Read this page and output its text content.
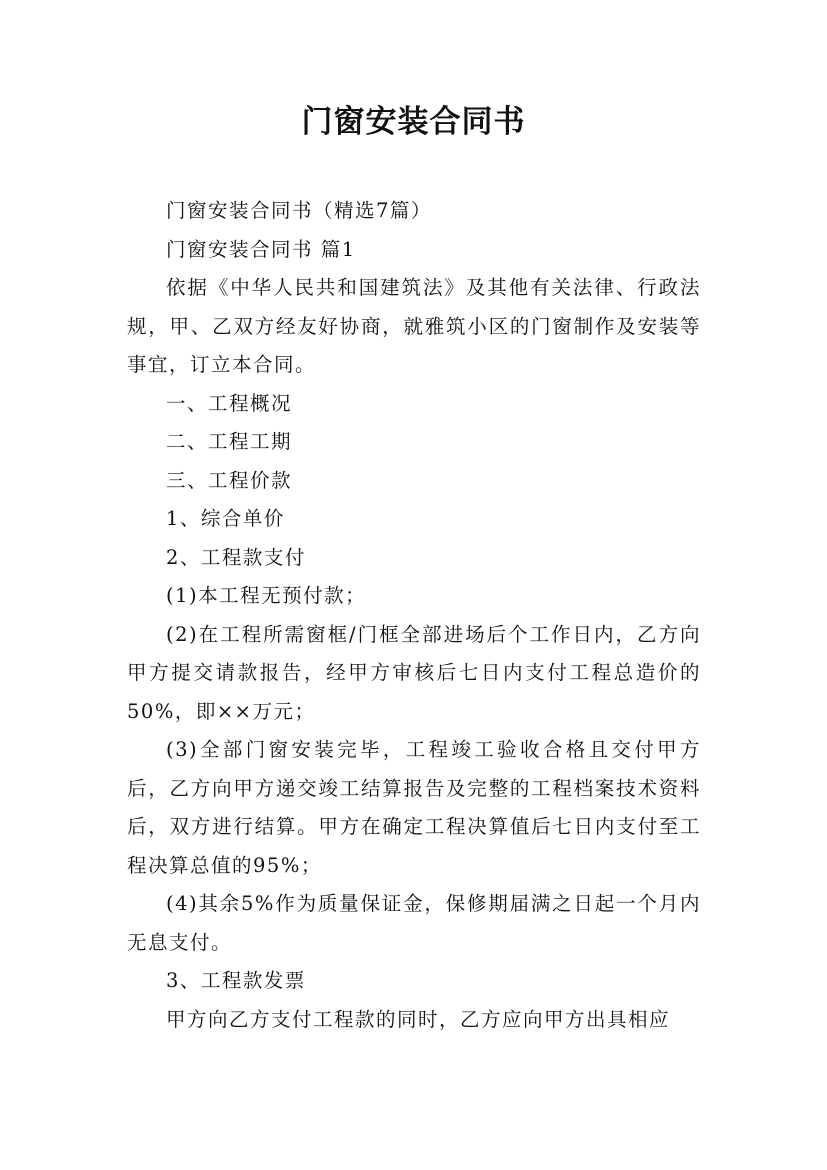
门窗安装合同书

门窗安装合同书（精选7篇）

门窗安装合同书 篇1

依据《中华人民共和国建筑法》及其他有关法律、行政法规，甲、乙双方经友好协商，就雅筑小区的门窗制作及安装等事宜，订立本合同。

一、工程概况

二、工程工期

三、工程价款

1、综合单价

2、工程款支付

(1)本工程无预付款；

(2)在工程所需窗框/门框全部进场后个工作日内，乙方向甲方提交请款报告，经甲方审核后七日内支付工程总造价的50%，即××万元；

(3)全部门窗安装完毕，工程竣工验收合格且交付甲方后，乙方向甲方递交竣工结算报告及完整的工程档案技术资料后，双方进行结算。甲方在确定工程决算值后七日内支付至工程决算总值的95%；

(4)其余5%作为质量保证金，保修期届满之日起一个月内无息支付。

3、工程款发票

甲方向乙方支付工程款的同时，乙方应向甲方出具相应
